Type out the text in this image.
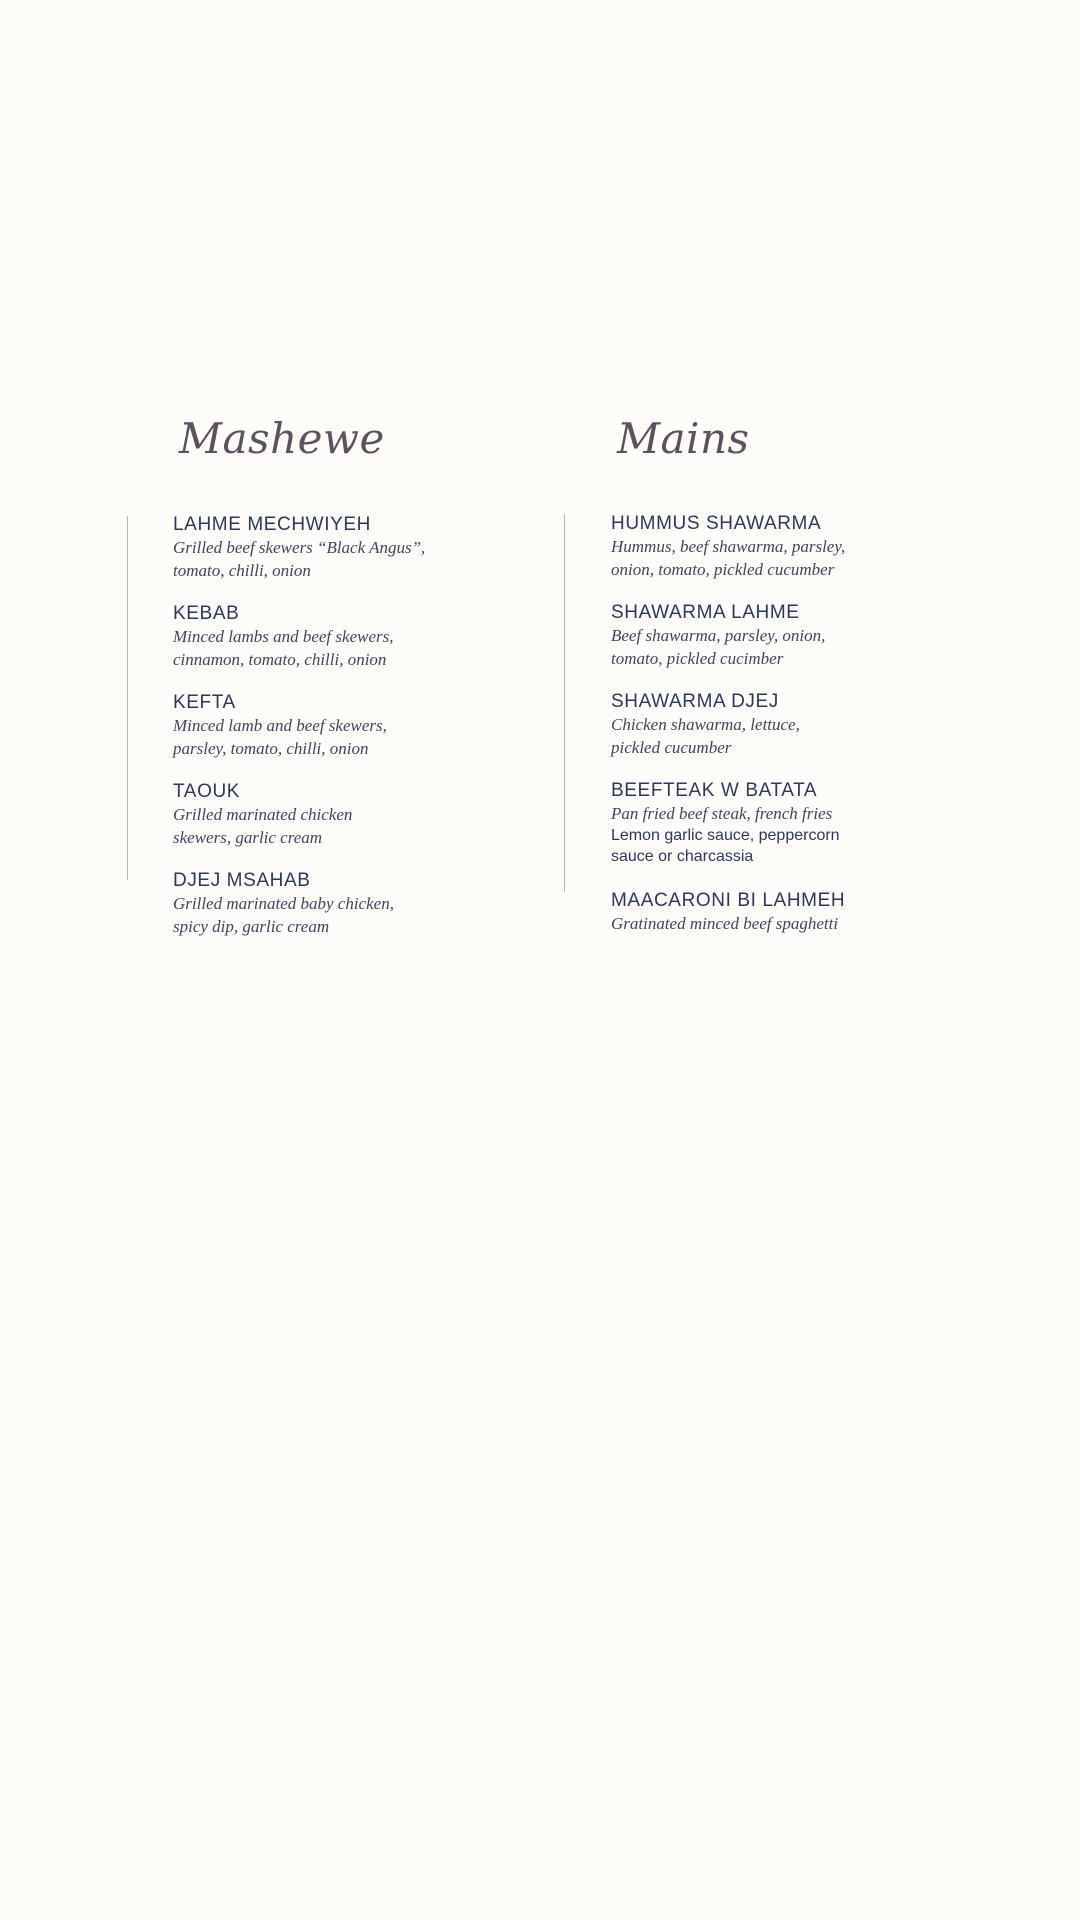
Mashewe
LAHME MECHWIYEH
Grilled beef skewers “Black Angus”,
tomato, chilli, onion
KEBAB
Minced lambs and beef skewers,
cinnamon, tomato, chilli, onion
KEFTA
Minced lamb and beef skewers,
parsley, tomato, chilli, onion
TAOUK
Grilled marinated chicken
skewers, garlic cream
DJEJ MSAHAB
Grilled marinated baby chicken,
spicy dip, garlic cream
Mains
HUMMUS SHAWARMA
Hummus, beef shawarma, parsley,
onion, tomato, pickled cucumber
SHAWARMA LAHME
Beef shawarma, parsley, onion,
tomato, pickled cucimber
SHAWARMA DJEJ
Chicken shawarma, lettuce,
pickled cucumber
BEEFTEAK W BATATA
Pan fried beef steak, french fries
Lemon garlic sauce, peppercorn
sauce or charcassia
MAACARONI BI LAHMEH
Gratinated minced beef spaghetti
